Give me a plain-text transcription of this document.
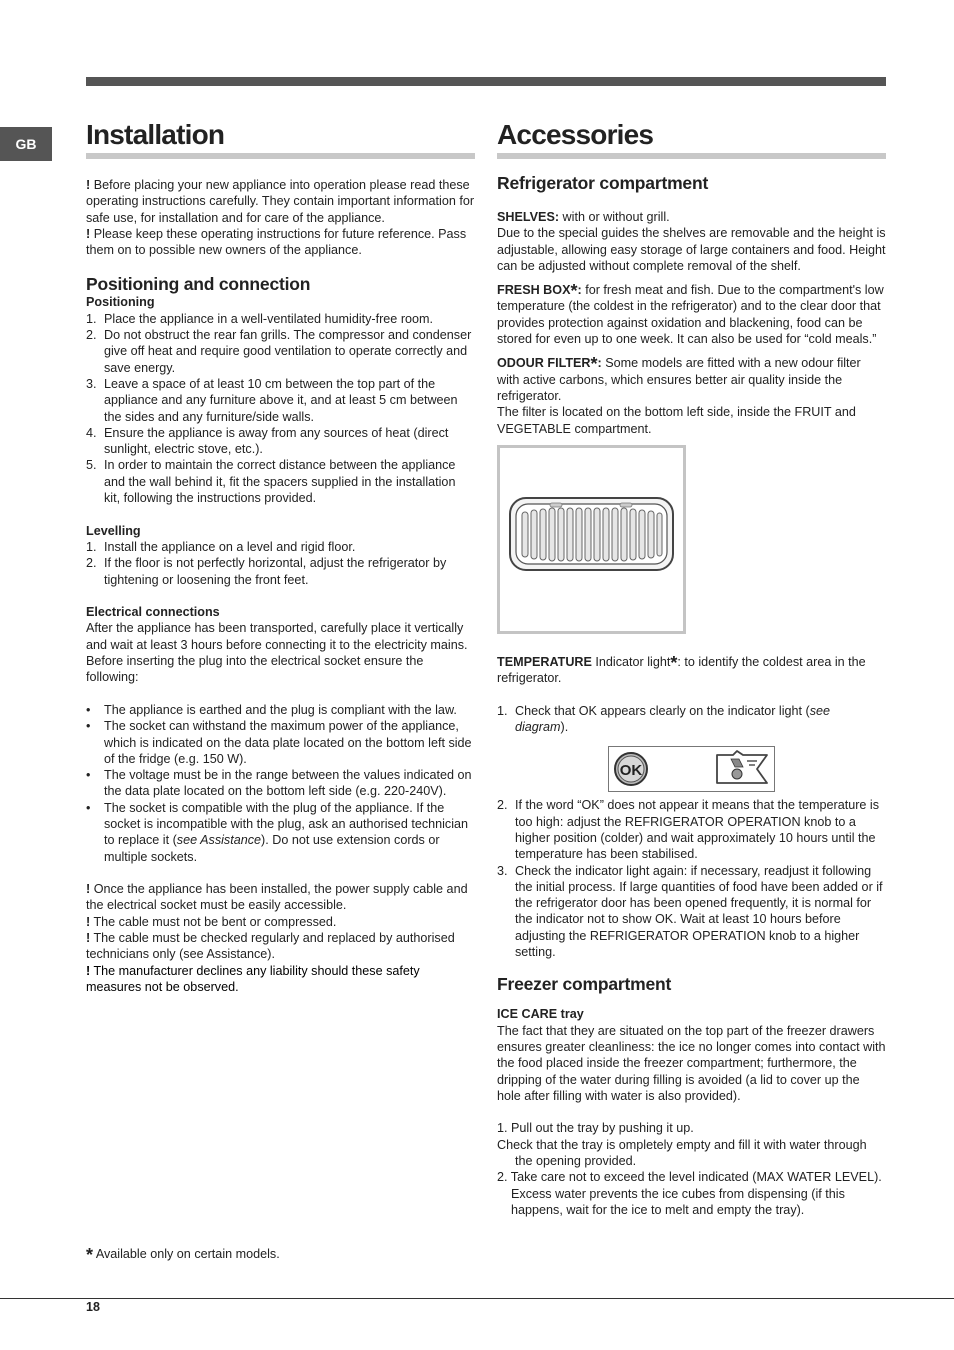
GB	Installation

! Before placing your new appliance into operation please read these operating instructions carefully. They contain important information for safe use, for installation and for care of the appliance.

! Please keep these operating instructions for future reference. Pass them on to possible new owners of the appliance.

Positioning and connection
Positioning
1. Place the appliance in a well-ventilated humidity-free room.
2. Do not obstruct the rear fan grills. The compressor and condenser give off heat and require good ventilation to operate correctly and save energy.
3. Leave a space of at least 10 cm between the top part of the appliance and any furniture above it, and at least 5 cm between the sides and any furniture/side walls.
4. Ensure the appliance is away from any sources of heat (direct sunlight, electric stove, etc.).
5. In order to maintain the correct distance between the appliance and the wall behind it, fit the spacers supplied in the installation kit, following the instructions provided.
Levelling
1. Install the appliance on a level and rigid floor.
2. If the floor is not perfectly horizontal, adjust the refrigerator by tightening or loosening the front feet.
Electrical connections

After the appliance has been transported, carefully place it vertically and wait at least 3 hours before connecting it to the electricity mains. Before inserting the plug into the electrical socket ensure the following:

• The appliance is earthed and the plug is compliant with the law.
• The socket can withstand the maximum power of the appliance, which is indicated on the data plate located on the bottom left side of the fridge (e.g. 150 W).
• The voltage must be in the range between the values indicated on the data plate located on the bottom left side (e.g. 220-240V).
• The socket is compatible with the plug of the appliance. If the socket is incompatible with the plug, ask an authorised technician to replace it (see Assistance). Do not use extension cords or multiple sockets.

! Once the appliance has been installed, the power supply cable and the electrical socket must be easily accessible.

! The cable must not be bent or compressed.

! The cable must be checked regularly and replaced by authorised technicians only (see Assistance).

! The manufacturer declines any liability should these safety measures not be observed.

Accessories
Refrigerator compartment

SHELVES: with or without grill.

Due to the special guides the shelves are removable and the height is adjustable, allowing easy storage of large containers and food. Height can be adjusted without complete removal of the shelf.

FRESH BOX*: for fresh meat and fish. Due to the compartment's low temperature (the coldest in the refrigerator) and to the clear door that provides protection against oxidation and blackening, food can be stored for even up to one week. It can also be used for “cold meals.”

ODOUR FILTER*: Some models are fitted with a new odour filter with active carbons, which ensures better air quality inside the refrigerator.

The filter is located on the bottom left side, inside the FRUIT and VEGETABLE compartment.

TEMPERATURE Indicator light*: to identify the coldest area in the refrigerator.

1. Check that OK appears clearly on the indicator light (see diagram).
OK
2. If the word “OK” does not appear it means that the temperature is too high: adjust the REFRIGERATOR OPERATION knob to a higher position (colder) and wait approximately 10 hours until the temperature has been stabilised.
3. Check the indicator light again: if necessary, readjust it following the initial process. If large quantities of food have been added or if the refrigerator door has been opened frequently, it is normal for the indicator not to show OK. Wait at least 10 hours before adjusting the REFRIGERATOR OPERATION knob to a higher setting.
Freezer compartment
ICE CARE tray

The fact that they are situated on the top part of the freezer drawers ensures greater cleanliness: the ice no longer comes into contact with the food placed inside the freezer compartment; furthermore, the dripping of the water during filling is avoided (a lid to cover up the hole after filling with water is also provided).

1. Pull out the tray by pushing it up.

Check that the tray is ompletely empty and fill it with water through the opening provided.

2. Take care not to exceed the level indicated (MAX WATER LEVEL). Excess water prevents the ice cubes from dispensing (if this happens, wait for the ice to melt and empty the tray).

* Available only on certain models.
18
